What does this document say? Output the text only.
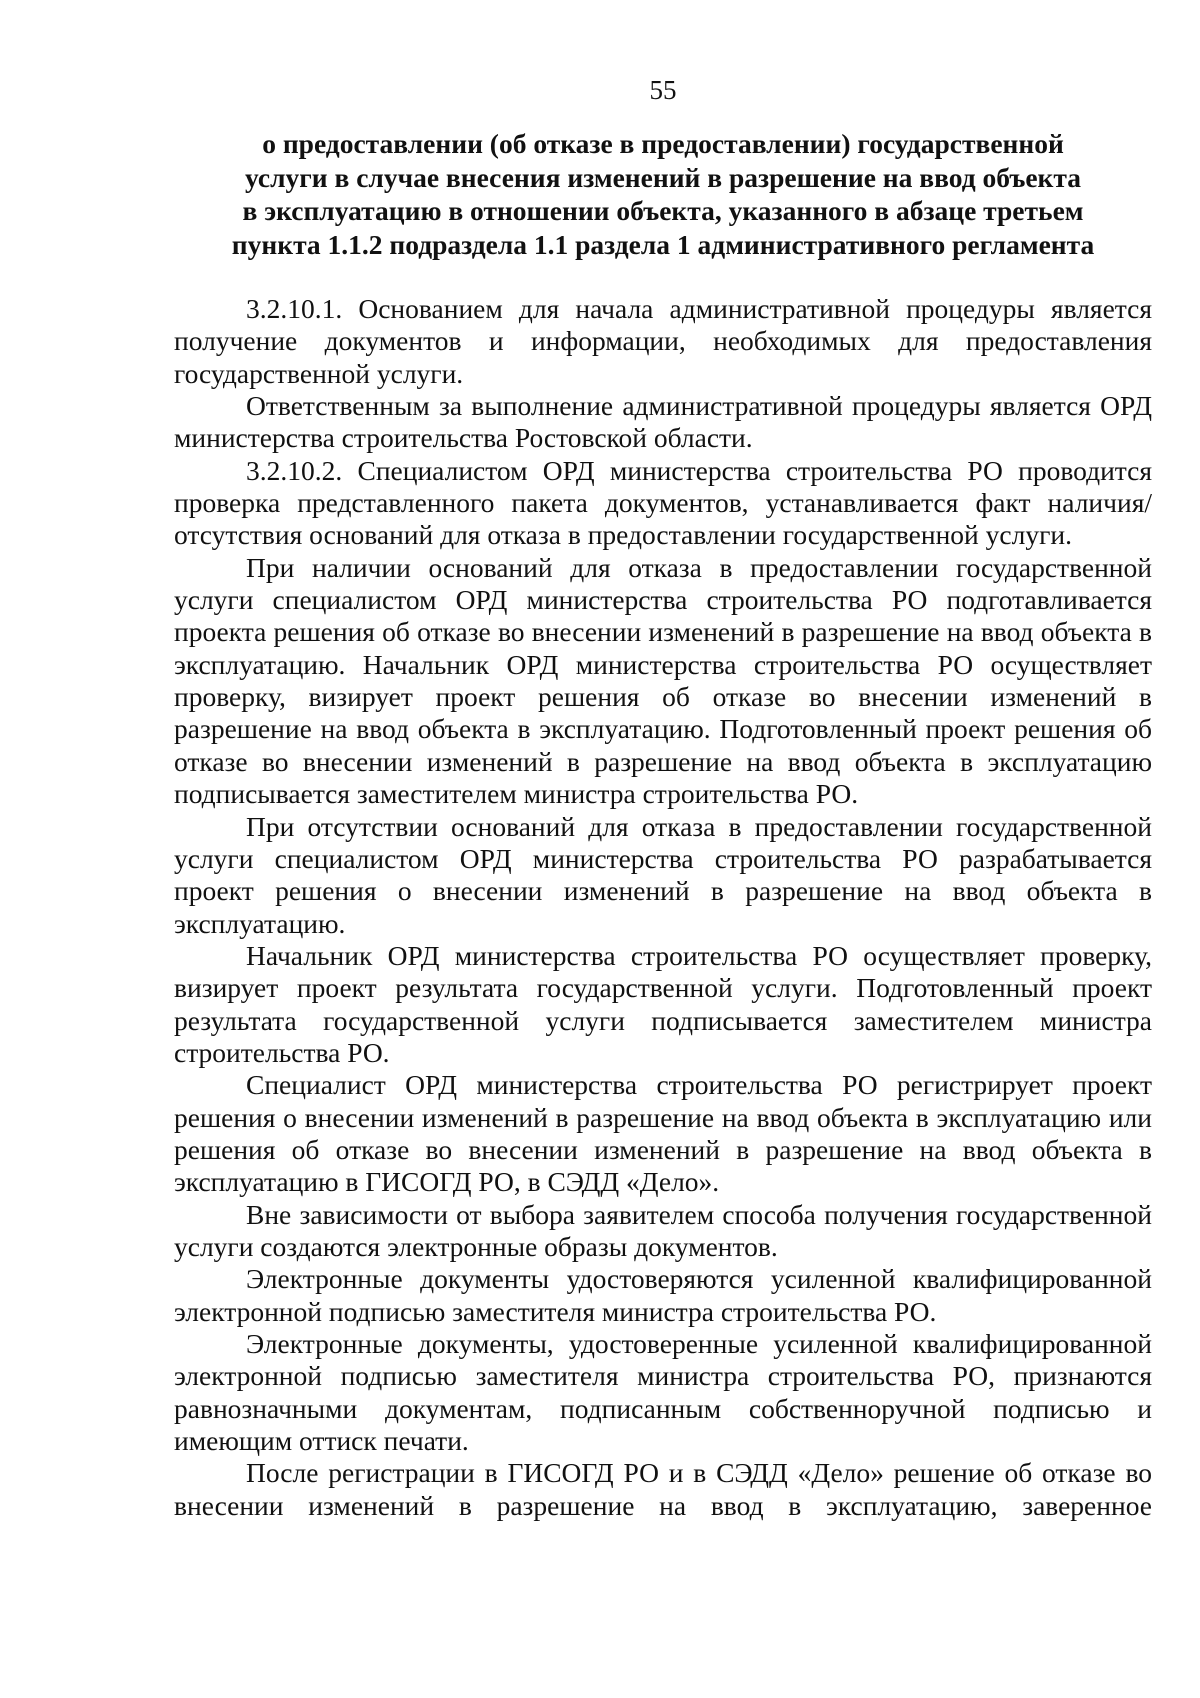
55
о предоставлении (об отказе в предоставлении) государственной
услуги в случае внесения изменений в разрешение на ввод объекта
в эксплуатацию в отношении объекта, указанного в абзаце третьем
пункта 1.1.2 подраздела 1.1 раздела 1 административного регламента

3.2.10.1. Основанием для начала административной процедуры является получение документов и информации, необходимых для предоставления государственной услуги.

Ответственным за выполнение административной процедуры является ОРД министерства строительства Ростовской области.

3.2.10.2. Специалистом ОРД министерства строительства РО проводится проверка представленного пакета документов, устанавливается факт наличия/отсутствия оснований для отказа в предоставлении государственной услуги.

При наличии оснований для отказа в предоставлении государственной услуги специалистом ОРД министерства строительства РО подготавливается проекта решения об отказе во внесении изменений в разрешение на ввод объекта в эксплуатацию. Начальник ОРД министерства строительства РО осуществляет проверку, визирует проект решения об отказе во внесении изменений в разрешение на ввод объекта в эксплуатацию. Подготовленный проект решения об отказе во внесении изменений в разрешение на ввод объекта в эксплуатацию подписывается заместителем министра строительства РО.

При отсутствии оснований для отказа в предоставлении государственной услуги специалистом ОРД министерства строительства РО разрабатывается проект решения о внесении изменений в разрешение на ввод объекта в эксплуатацию.

Начальник ОРД министерства строительства РО осуществляет проверку, визирует проект результата государственной услуги. Подготовленный проект результата государственной услуги подписывается заместителем министра строительства РО.

Специалист ОРД министерства строительства РО регистрирует проект решения о внесении изменений в разрешение на ввод объекта в эксплуатацию или решения об отказе во внесении изменений в разрешение на ввод объекта в эксплуатацию в ГИСОГД РО, в СЭДД «Дело».

Вне зависимости от выбора заявителем способа получения государственной услуги создаются электронные образы документов.

Электронные документы удостоверяются усиленной квалифицированной электронной подписью заместителя министра строительства РО.

Электронные документы, удостоверенные усиленной квалифицированной электронной подписью заместителя министра строительства РО, признаются равнозначными документам, подписанным собственноручной подписью и имеющим оттиск печати.

После регистрации в ГИСОГД РО и в СЭДД «Дело» решение об отказе во внесении изменений в разрешение на ввод в эксплуатацию, заверенное
